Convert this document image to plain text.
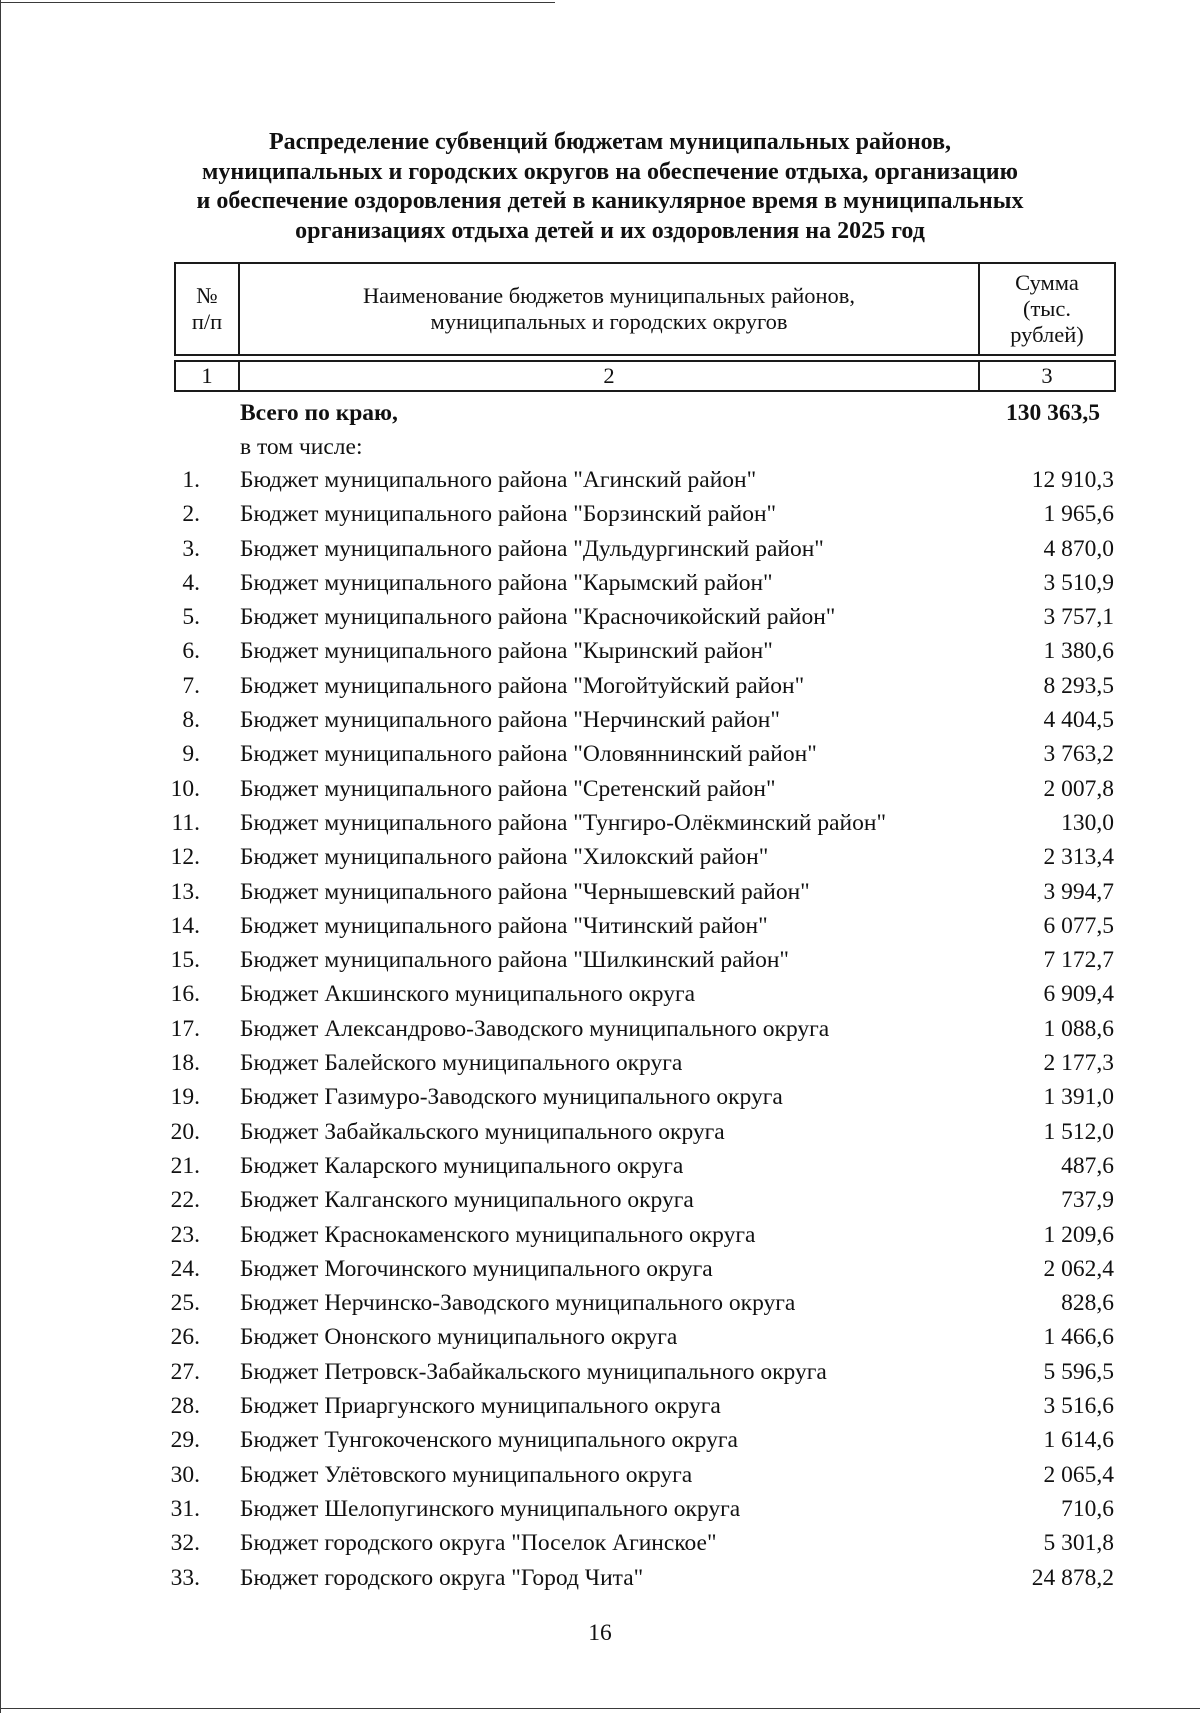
Распределение субвенций бюджетам муниципальных районов,
муниципальных и городских округов на обеспечение отдыха, организацию
и обеспечение оздоровления детей в каникулярное время в муниципальных
организациях отдыха детей и их оздоровления на 2025 год
№
п/п	Наименование бюджетов муниципальных районов,
муниципальных и городских округов	Сумма
(тыс.
рублей)

1	2	3
Всего по краю,	130 363,5
в том числе:
1. Бюджет муниципального района "Агинский район"	12 910,3
2. Бюджет муниципального района "Борзинский район"	1 965,6
3. Бюджет муниципального района "Дульдургинский район"	4 870,0
4. Бюджет муниципального района "Карымский район"	3 510,9
5. Бюджет муниципального района "Красночикойский район"	3 757,1
6. Бюджет муниципального района "Кыринский район"	1 380,6
7. Бюджет муниципального района "Могойтуйский район"	8 293,5
8. Бюджет муниципального района "Нерчинский район"	4 404,5
9. Бюджет муниципального района "Оловяннинский район"	3 763,2
10. Бюджет муниципального района "Сретенский район"	2 007,8
11. Бюджет муниципального района "Тунгиро-Олёкминский район"	130,0
12. Бюджет муниципального района "Хилокский район"	2 313,4
13. Бюджет муниципального района "Чернышевский район"	3 994,7
14. Бюджет муниципального района "Читинский район"	6 077,5
15. Бюджет муниципального района "Шилкинский район"	7 172,7
16. Бюджет Акшинского муниципального округа	6 909,4
17. Бюджет Александрово-Заводского муниципального округа	1 088,6
18. Бюджет Балейского муниципального округа	2 177,3
19. Бюджет Газимуро-Заводского муниципального округа	1 391,0
20. Бюджет Забайкальского муниципального округа	1 512,0
21. Бюджет Каларского муниципального округа	487,6
22. Бюджет Калганского муниципального округа	737,9
23. Бюджет Краснокаменского муниципального округа	1 209,6
24. Бюджет Могочинского муниципального округа	2 062,4
25. Бюджет Нерчинско-Заводского муниципального округа	828,6
26. Бюджет Ононского муниципального округа	1 466,6
27. Бюджет Петровск-Забайкальского муниципального округа	5 596,5
28. Бюджет Приаргунского муниципального округа	3 516,6
29. Бюджет Тунгокоченского муниципального округа	1 614,6
30. Бюджет Улётовского муниципального округа	2 065,4
31. Бюджет Шелопугинского муниципального округа	710,6
32. Бюджет городского округа "Поселок Агинское"	5 301,8
33. Бюджет городского округа "Город Чита"	24 878,2
16
